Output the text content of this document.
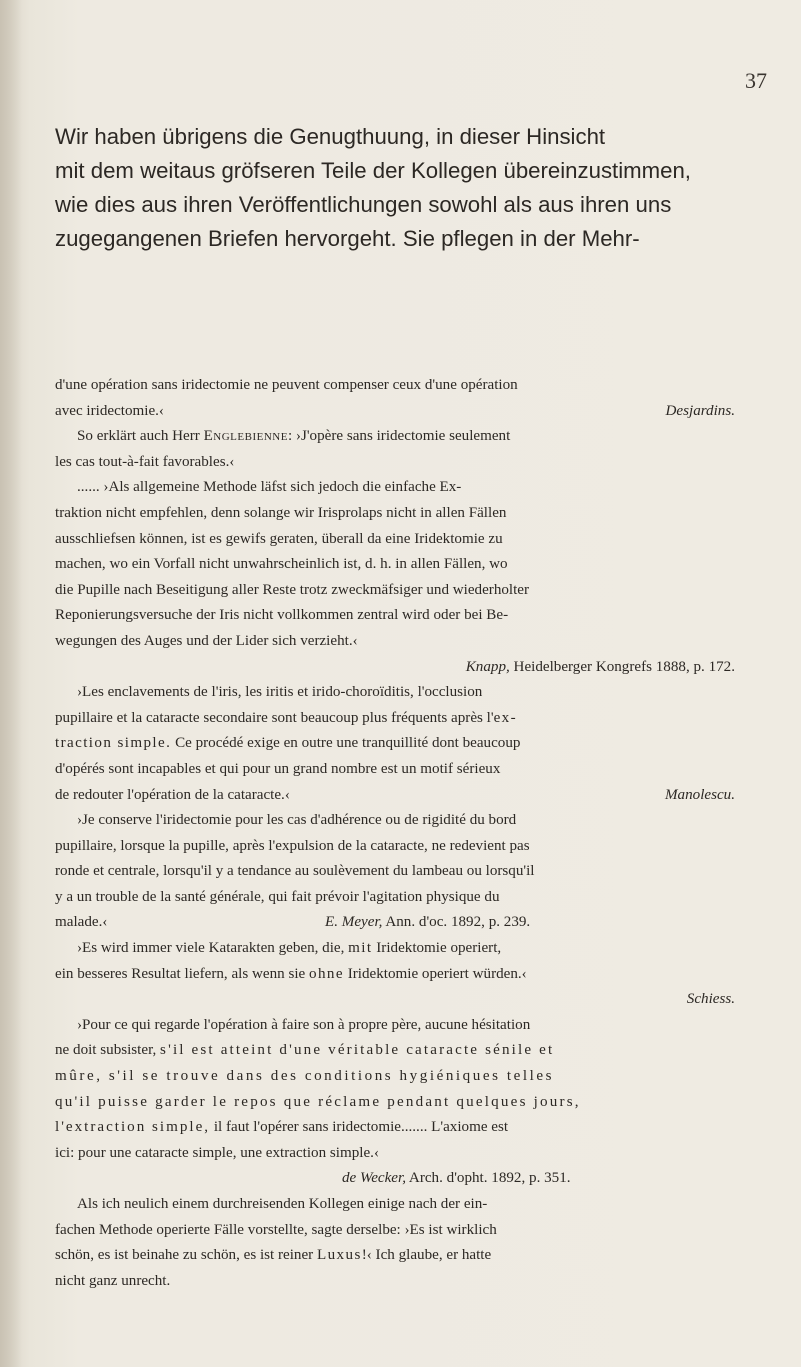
37
Wir haben übrigens die Genugthuung, in dieser Hinsicht
mit dem weitaus gröfseren Teile der Kollegen übereinzustimmen,
wie dies aus ihren Veröffentlichungen sowohl als aus ihren uns
zugegangenen Briefen hervorgeht. Sie pflegen in der Mehr-
d'une opération sans iridectomie ne peuvent compenser ceux d'une opération
avec iridectomie.‹	Desjardins.
So erklärt auch Herr Englebienne: ›J'opère sans iridectomie seulement
les cas tout-à-fait favorables.‹
...... ›Als allgemeine Methode läfst sich jedoch die einfache Ex-
traktion nicht empfehlen, denn solange wir Irisprolaps nicht in allen Fällen
ausschliefsen können, ist es gewifs geraten, überall da eine Iridektomie zu
machen, wo ein Vorfall nicht unwahrscheinlich ist, d. h. in allen Fällen, wo
die Pupille nach Beseitigung aller Reste trotz zweckmäfsiger und wiederholter
Reponierungsversuche der Iris nicht vollkommen zentral wird oder bei Be-
wegungen des Auges und der Lider sich verzieht.‹
Knapp, Heidelberger Kongrefs 1888, p. 172.
›Les enclavements de l'iris, les iritis et irido-choroïditis, l'occlusion
pupillaire et la cataracte secondaire sont beaucoup plus fréquents après l'ex-
traction simple. Ce procédé exige en outre une tranquillité dont beaucoup
d'opérés sont incapables et qui pour un grand nombre est un motif sérieux
de redouter l'opération de la cataracte.‹	Manolescu.
›Je conserve l'iridectomie pour les cas d'adhérence ou de rigidité du bord
pupillaire, lorsque la pupille, après l'expulsion de la cataracte, ne redevient pas
ronde et centrale, lorsqu'il y a tendance au soulèvement du lambeau ou lorsqu'il
y a un trouble de la santé générale, qui fait prévoir l'agitation physique du
malade.‹	E. Meyer, Ann. d'oc. 1892, p. 239.
›Es wird immer viele Katarakten geben, die, mit Iridektomie operiert,
ein besseres Resultat liefern, als wenn sie ohne Iridektomie operiert würden.‹
Schiess.
›Pour ce qui regarde l'opération à faire son à propre père, aucune hésitation
ne doit subsister, s'il est atteint d'une véritable cataracte sénile et
mûre, s'il se trouve dans des conditions hygiéniques telles
qu'il puisse garder le repos que réclame pendant quelques jours,
l'extraction simple, il faut l'opérer sans iridectomie....... L'axiome est
ici: pour une cataracte simple, une extraction simple.‹
de Wecker, Arch. d'opht. 1892, p. 351.
Als ich neulich einem durchreisenden Kollegen einige nach der ein-
fachen Methode operierte Fälle vorstellte, sagte derselbe: ›Es ist wirklich
schön, es ist beinahe zu schön, es ist reiner Luxus!‹ Ich glaube, er hatte
nicht ganz unrecht.
